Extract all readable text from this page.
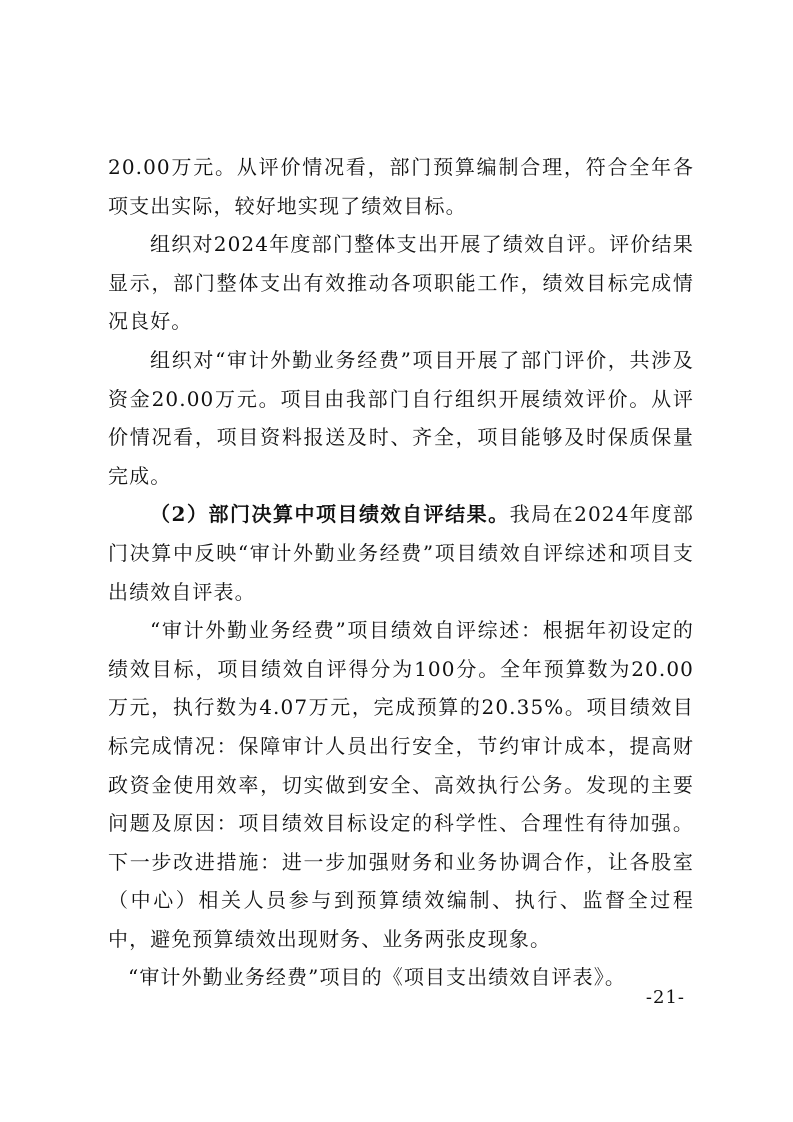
20.00万元。从评价情况看，部门预算编制合理，符合全年各项支出实际，较好地实现了绩效目标。

组织对2024年度部门整体支出开展了绩效自评。评价结果显示，部门整体支出有效推动各项职能工作，绩效目标完成情况良好。

组织对“审计外勤业务经费”项目开展了部门评价，共涉及资金20.00万元。项目由我部门自行组织开展绩效评价。从评价情况看，项目资料报送及时、齐全，项目能够及时保质保量完成。

（2）部门决算中项目绩效自评结果。我局在2024年度部门决算中反映“审计外勤业务经费”项目绩效自评综述和项目支出绩效自评表。

“审计外勤业务经费”项目绩效自评综述：根据年初设定的绩效目标，项目绩效自评得分为100分。全年预算数为20.00万元，执行数为4.07万元，完成预算的20.35%。项目绩效目标完成情况：保障审计人员出行安全，节约审计成本，提高财政资金使用效率，切实做到安全、高效执行公务。发现的主要问题及原因：项目绩效目标设定的科学性、合理性有待加强。下一步改进措施：进一步加强财务和业务协调合作，让各股室（中心）相关人员参与到预算绩效编制、执行、监督全过程中，避免预算绩效出现财务、业务两张皮现象。

“审计外勤业务经费”项目的《项目支出绩效自评表》。

-21-
